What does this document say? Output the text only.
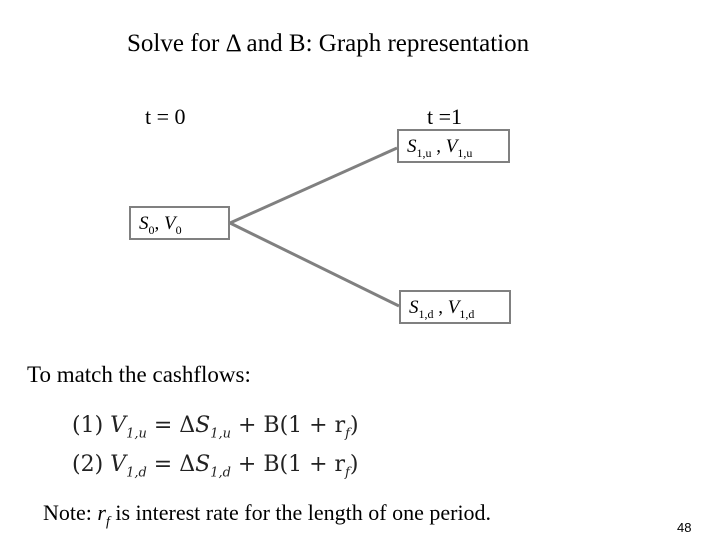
Solve for Δ and B: Graph representation
t = 0	t =1
$S_{1,u}$ , $V_{1,u}$
$S_0$, $V_0$
$S_{1,d}$ , $V_{1,d}$
To match the cashflows:
(1) $V_{1,u} = \Delta S_{1,u} + B(1 + r_f)$
(2) $V_{1,d} = \Delta S_{1,d} + B(1 + r_f)$
Note: $r_f$ is interest rate for the length of one period.
48
